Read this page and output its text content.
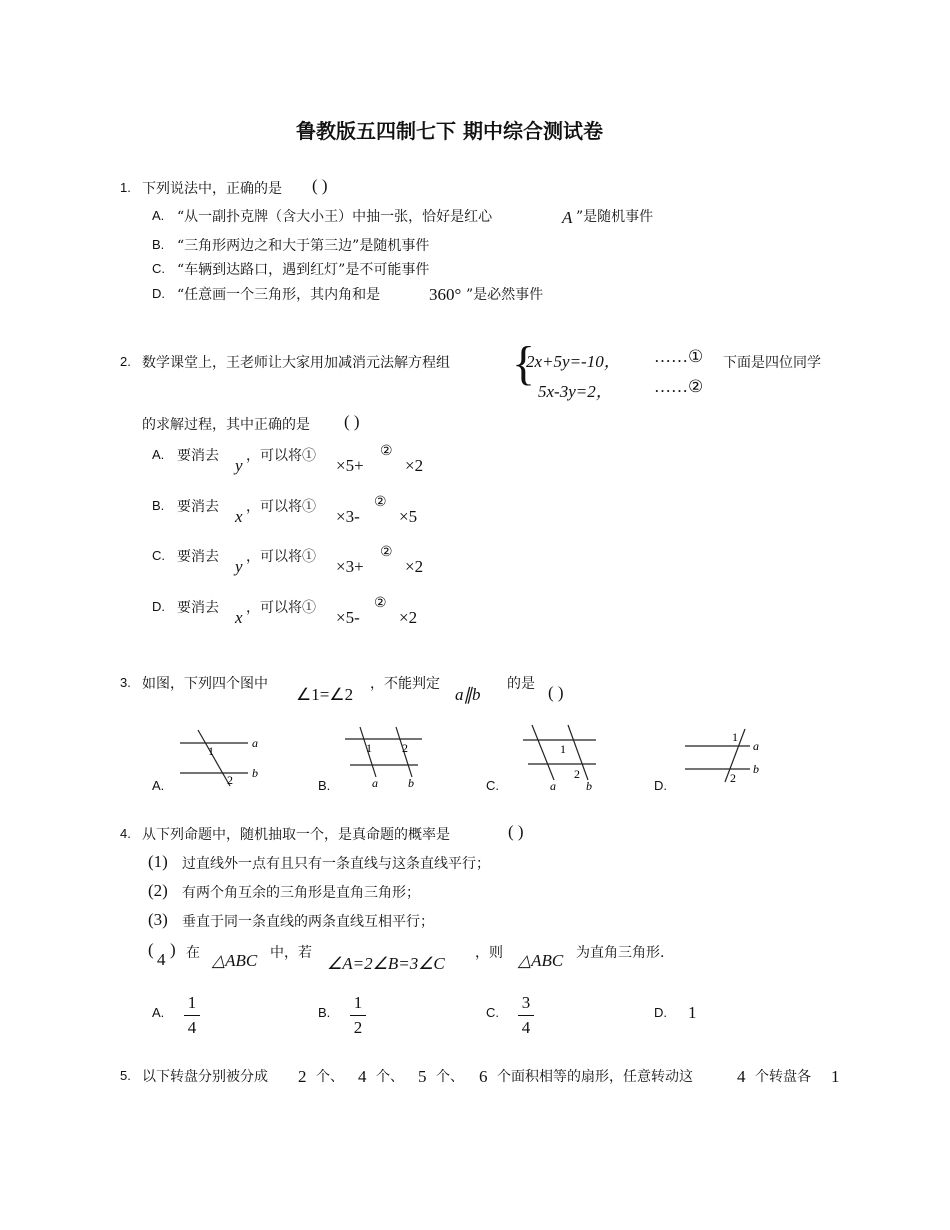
鲁教版五四制七下 期中综合测试卷
1. 下列说法中，正确的是 ( )
A. “从一副扑克牌（含大小王）中抽一张，恰好是红心	A ”是随机事件
B. “三角形两边之和大于第三边”是随机事件
C. “车辆到达路口，遇到红灯”是不可能事件
D. “任意画一个三角形，其内角和是	360° ”是必然事件
2. 数学课堂上，王老师让大家用加减消元法解方程组 {
2x+5y=-10， ……① 下面是四位同学
5x-3y=2， ……②
的求解过程，其中正确的是 ( )
A. 要消去 y ，可以将① ×5+
②
×2
B. 要消去 x ，可以将① ×3-
②
×5
C. 要消去 y ，可以将① ×3+
②
×2
D. 要消去 x ，可以将① ×5-
②
×2
3. 如图，下列四个图中
∠1=∠2
，不能判定
a∥b
的是 ( )
1
2
a
b
A.
1	2
a	b
B.
1
2
a	b
C.
1
2
a
b
D.
4. 从下列命题中，随机抽取一个，是真命题的概率是	( )
(1) 过直线外一点有且只有一条直线与这条直线平行；
(2) 有两个角互余的三角形是直角三角形；
(3) 垂直于同一条直线的两条直线互相平行；
(
4
) 在 △ABC 中，若
∠A=2∠B=3∠C
，则 △ABC 为直角三角形.
A.
1
4
B.
1
2
C.
3
4
D. 1
5. 以下转盘分别被分成 2 个、 4 个、 5 个、 6 个面积相等的扇形，任意转动这	4 个转盘各 1
